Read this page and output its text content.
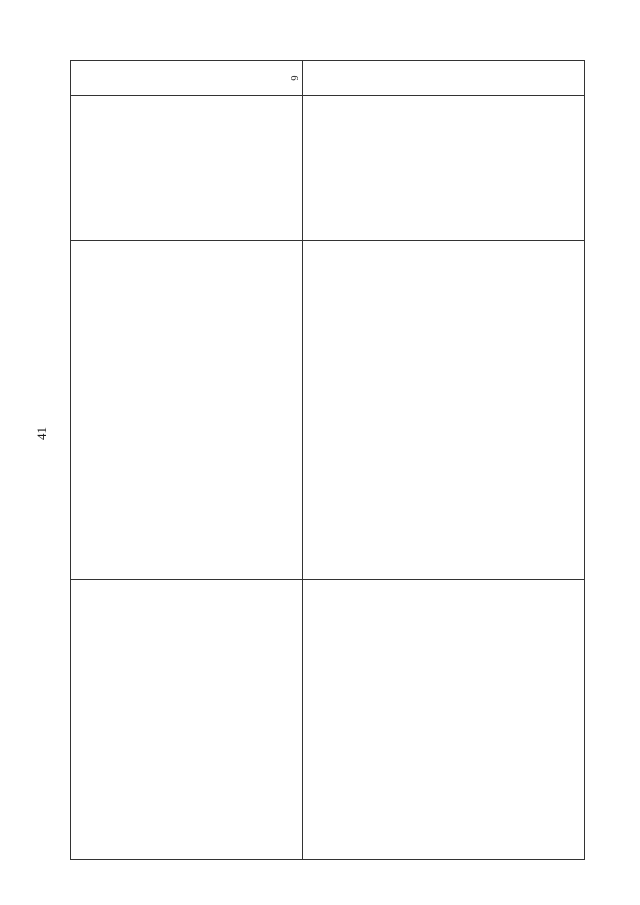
41

6		
